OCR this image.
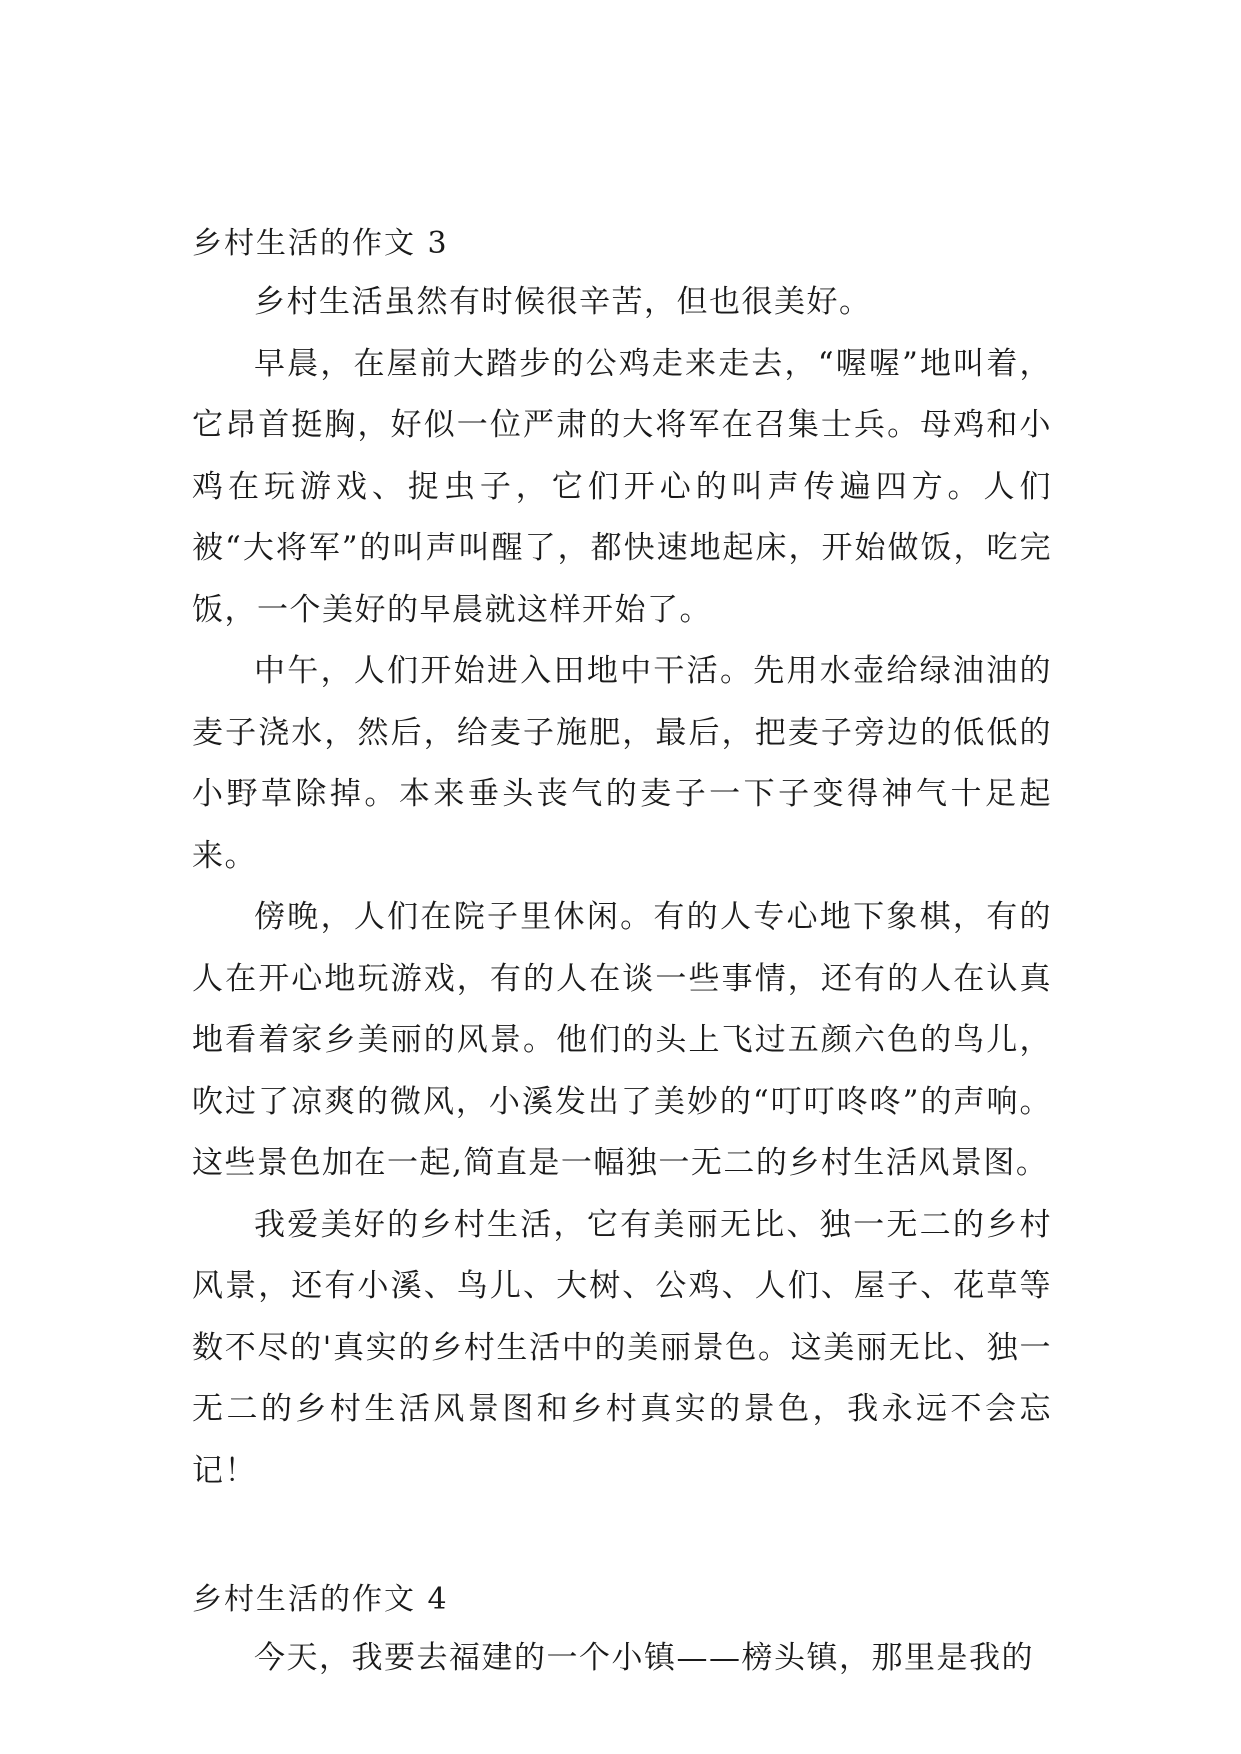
乡村生活的作文 3

乡村生活虽然有时候很辛苦，但也很美好。

早晨，在屋前大踏步的公鸡走来走去，“喔喔”地叫着，它昂首挺胸，好似一位严肃的大将军在召集士兵。母鸡和小鸡在玩游戏、捉虫子，它们开心的叫声传遍四方。人们被“大将军”的叫声叫醒了，都快速地起床，开始做饭，吃完饭，一个美好的早晨就这样开始了。

中午，人们开始进入田地中干活。先用水壶给绿油油的麦子浇水，然后，给麦子施肥，最后，把麦子旁边的低低的小野草除掉。本来垂头丧气的麦子一下子变得神气十足起来。

傍晚，人们在院子里休闲。有的人专心地下象棋，有的人在开心地玩游戏，有的人在谈一些事情，还有的人在认真地看着家乡美丽的风景。他们的头上飞过五颜六色的鸟儿，吹过了凉爽的微风，小溪发出了美妙的“叮叮咚咚”的声响。这些景色加在一起,简直是一幅独一无二的乡村生活风景图。

我爱美好的乡村生活，它有美丽无比、独一无二的乡村风景，还有小溪、鸟儿、大树、公鸡、人们、屋子、花草等数不尽的'真实的乡村生活中的美丽景色。这美丽无比、独一无二的乡村生活风景图和乡村真实的景色，我永远不会忘记！

乡村生活的作文 4

今天，我要去福建的一个小镇——榜头镇，那里是我的
